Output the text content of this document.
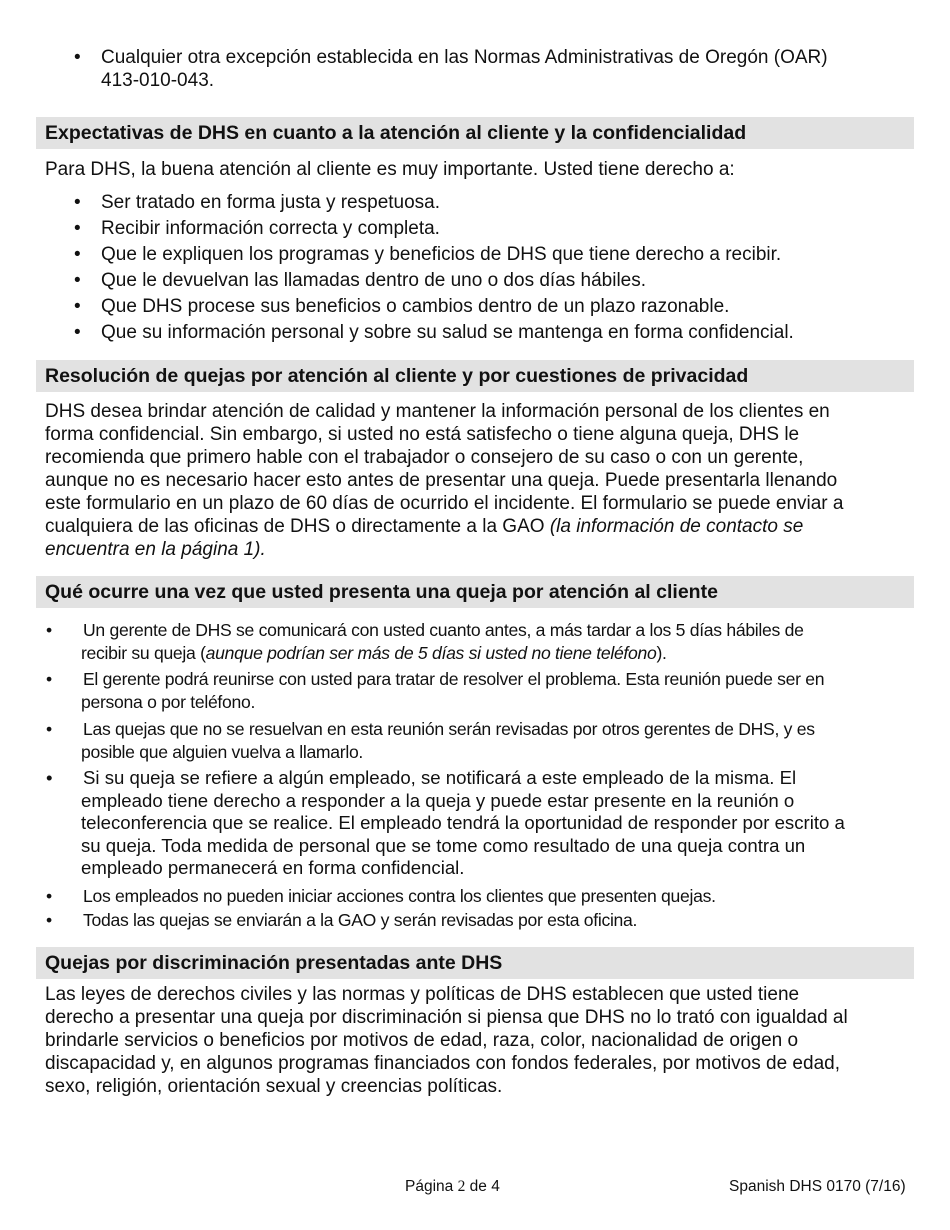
• Cualquier otra excepción establecida en las Normas Administrativas de Oregón (OAR)
413-010-043.
Expectativas de DHS en cuanto a la atención al cliente y la confidencialidad
Para DHS, la buena atención al cliente es muy importante. Usted tiene derecho a:
• Ser tratado en forma justa y respetuosa.
• Recibir información correcta y completa.
• Que le expliquen los programas y beneficios de DHS que tiene derecho a recibir.
• Que le devuelvan las llamadas dentro de uno o dos días hábiles.
• Que DHS procese sus beneficios o cambios dentro de un plazo razonable.
• Que su información personal y sobre su salud se mantenga en forma confidencial.
Resolución de quejas por atención al cliente y por cuestiones de privacidad
DHS desea brindar atención de calidad y mantener la información personal de los clientes en
forma confidencial. Sin embargo, si usted no está satisfecho o tiene alguna queja, DHS le
recomienda que primero hable con el trabajador o consejero de su caso o con un gerente,
aunque no es necesario hacer esto antes de presentar una queja. Puede presentarla llenando
este formulario en un plazo de 60 días de ocurrido el incidente. El formulario se puede enviar a
cualquiera de las oficinas de DHS o directamente a la GAO (la información de contacto se
encuentra en la página 1).
Qué ocurre una vez que usted presenta una queja por atención al cliente
• Un gerente de DHS se comunicará con usted cuanto antes, a más tardar a los 5 días hábiles de
recibir su queja (aunque podrían ser más de 5 días si usted no tiene teléfono).
• El gerente podrá reunirse con usted para tratar de resolver el problema. Esta reunión puede ser en
persona o por teléfono.
• Las quejas que no se resuelvan en esta reunión serán revisadas por otros gerentes de DHS, y es
posible que alguien vuelva a llamarlo.
• Si su queja se refiere a algún empleado, se notificará a este empleado de la misma. El
empleado tiene derecho a responder a la queja y puede estar presente en la reunión o
teleconferencia que se realice. El empleado tendrá la oportunidad de responder por escrito a
su queja. Toda medida de personal que se tome como resultado de una queja contra un
empleado permanecerá en forma confidencial.
• Los empleados no pueden iniciar acciones contra los clientes que presenten quejas.
• Todas las quejas se enviarán a la GAO y serán revisadas por esta oficina.
Quejas por discriminación presentadas ante DHS
Las leyes de derechos civiles y las normas y políticas de DHS establecen que usted tiene
derecho a presentar una queja por discriminación si piensa que DHS no lo trató con igualdad al
brindarle servicios o beneficios por motivos de edad, raza, color, nacionalidad de origen o
discapacidad y, en algunos programas financiados con fondos federales, por motivos de edad,
sexo, religión, orientación sexual y creencias políticas.
Página 2 de 4	Spanish DHS 0170 (7/16)
